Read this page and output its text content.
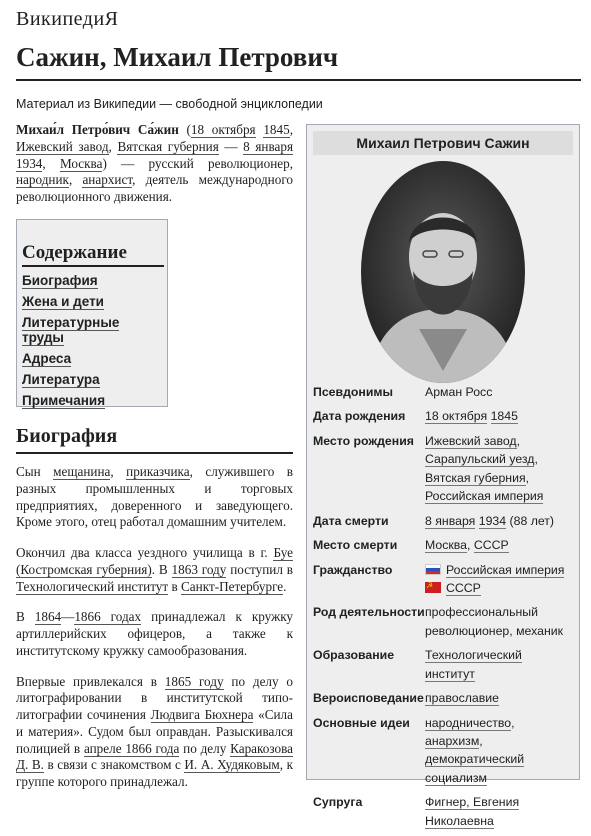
ВикипедиЯ
Сажин, Михаил Петрович
Материал из Википедии — свободной энциклопедии
Михаи́л Петро́вич Са́жин (18 октября 1845, Ижевский завод, Вятская губерния — 8 января 1934, Москва) — русский революционер, народник, анархист, деятель международного революционного движения.
Содержание
Биография
Жена и дети
Литературные труды
Адреса
Литература
Примечания
Биография

Сын мещанина, приказчика, служившего в разных промышленных и торговых предприятиях, доверенного и заведующего. Кроме этого, отец работал домашним учителем.

Окончил два класса уездного училища в г. Буе (Костромская губерния). В 1863 году поступил в Технологический институт в Санкт-Петербурге.

В 1864—1866 годах принадлежал к кружку артиллерийских офицеров, а также к институтскому кружку самообразования.

Впервые привлекался в 1865 году по делу о литографировании в институтской типо-литографии сочинения Людвига Бюхнера «Сила и материя». Судом был оправдан. Разыскивался полицией в апреле 1866 года по делу Каракозова Д. В. в связи с знакомством с И. А. Худяковым, к группе которого принадлежал.

Михаил Петрович Сажин
Псевдонимы	Арман Росс
Дата рождения	18 октября 1845
Место рождения Ижевский завод,
Сарапульский уезд,
Вятская губерния,
Российская империя
Дата смерти	8 января 1934 (88 лет)
Место смерти	Москва, СССР
Гражданство	Российская империя
☭СССР
Род деятельности профессиональный революционер, механик
Образование	Технологический институт
Вероисповедание православие
Основные идеи	народничество, анархизм,
демократический социализм
Супруга	Фигнер, Евгения Николаевна
